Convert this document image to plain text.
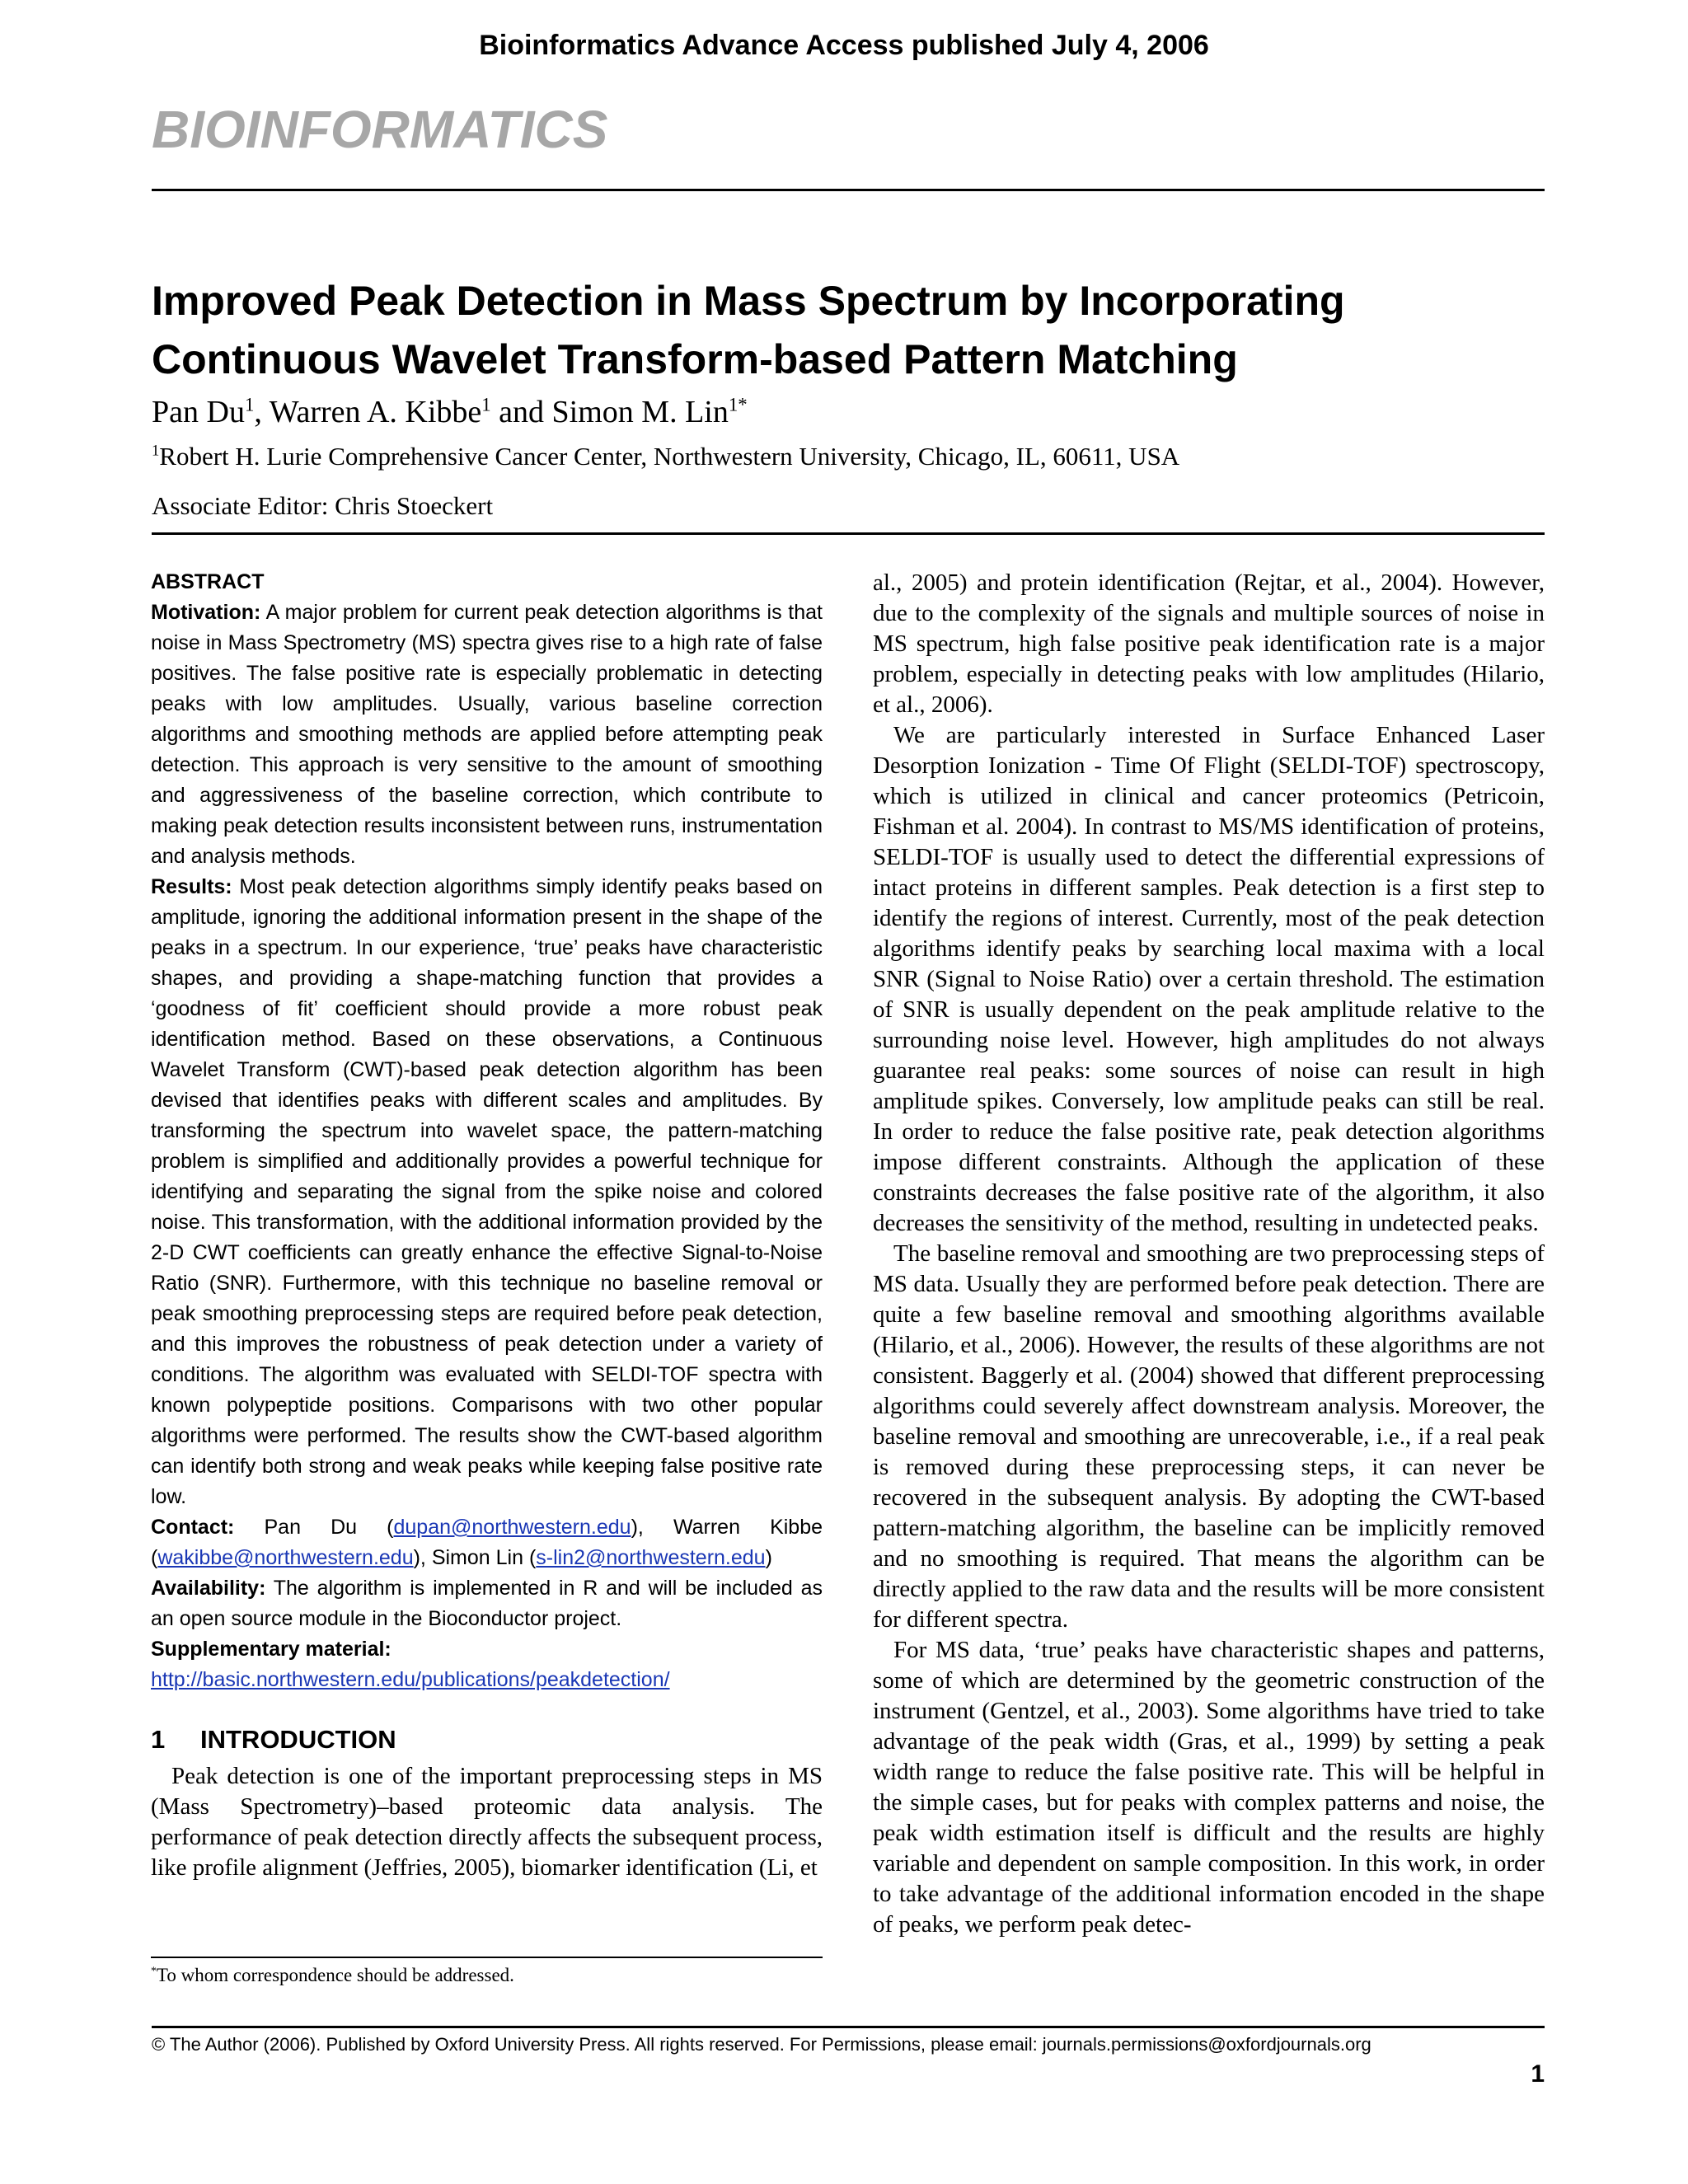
Bioinformatics Advance Access published July 4, 2006
BIOINFORMATICS
Improved Peak Detection in Mass Spectrum by Incorporating
Continuous Wavelet Transform-based Pattern Matching
Pan Du$^1$, Warren A. Kibbe$^1$ and Simon M. Lin$^{1*}$
$^1$Robert H. Lurie Comprehensive Cancer Center, Northwestern University, Chicago, IL, 60611, USA
Associate Editor: Chris Stoeckert

ABSTRACT

Motivation: A major problem for current peak detection algorithms is that noise in Mass Spectrometry (MS) spectra gives rise to a high rate of false positives. The false positive rate is especially problematic in detecting peaks with low amplitudes. Usually, various baseline correction algorithms and smoothing methods are applied before attempting peak detection. This approach is very sensitive to the amount of smoothing and aggressiveness of the baseline correction, which contribute to making peak detection results inconsistent between runs, instrumentation and analysis methods.

Results: Most peak detection algorithms simply identify peaks based on amplitude, ignoring the additional information present in the shape of the peaks in a spectrum. In our experience, ‘true’ peaks have characteristic shapes, and providing a shape-matching function that provides a ‘goodness of fit’ coefficient should provide a more robust peak identification method. Based on these observations, a Continuous Wavelet Transform (CWT)-based peak detection algorithm has been devised that identifies peaks with different scales and amplitudes. By transforming the spectrum into wavelet space, the pattern-matching problem is simplified and additionally provides a powerful technique for identifying and separating the signal from the spike noise and colored noise. This transformation, with the additional information provided by the 2-D CWT coefficients can greatly enhance the effective Signal-to-Noise Ratio (SNR). Furthermore, with this technique no baseline removal or peak smoothing preprocessing steps are required before peak detection, and this improves the robustness of peak detection under a variety of conditions. The algorithm was evaluated with SELDI-TOF spectra with known polypeptide positions. Comparisons with two other popular algorithms were performed. The results show the CWT-based algorithm can identify both strong and weak peaks while keeping false positive rate low.

Contact: Pan Du (dupan@northwestern.edu), Warren Kibbe (wakibbe@northwestern.edu), Simon Lin (s-lin2@northwestern.edu)

Availability: The algorithm is implemented in R and will be included as an open source module in the Bioconductor project.

Supplementary material:

http://basic.northwestern.edu/publications/peakdetection/

1 INTRODUCTION

Peak detection is one of the important preprocessing steps in MS (Mass Spectrometry)–based proteomic data analysis. The performance of peak detection directly affects the subsequent process, like profile alignment (Jeffries, 2005), biomarker identification (Li, et

*To whom correspondence should be addressed.

al., 2005) and protein identification (Rejtar, et al., 2004). However, due to the complexity of the signals and multiple sources of noise in MS spectrum, high false positive peak identification rate is a major problem, especially in detecting peaks with low amplitudes (Hilario, et al., 2006).

We are particularly interested in Surface Enhanced Laser Desorption Ionization - Time Of Flight (SELDI-TOF) spectroscopy, which is utilized in clinical and cancer proteomics (Petricoin, Fishman et al. 2004). In contrast to MS/MS identification of proteins, SELDI-TOF is usually used to detect the differential expressions of intact proteins in different samples. Peak detection is a first step to identify the regions of interest. Currently, most of the peak detection algorithms identify peaks by searching local maxima with a local SNR (Signal to Noise Ratio) over a certain threshold. The estimation of SNR is usually dependent on the peak amplitude relative to the surrounding noise level. However, high amplitudes do not always guarantee real peaks: some sources of noise can result in high amplitude spikes. Conversely, low amplitude peaks can still be real. In order to reduce the false positive rate, peak detection algorithms impose different constraints. Although the application of these constraints decreases the false positive rate of the algorithm, it also decreases the sensitivity of the method, resulting in undetected peaks.

The baseline removal and smoothing are two preprocessing steps of MS data. Usually they are performed before peak detection. There are quite a few baseline removal and smoothing algorithms available (Hilario, et al., 2006). However, the results of these algorithms are not consistent. Baggerly et al. (2004) showed that different preprocessing algorithms could severely affect downstream analysis. Moreover, the baseline removal and smoothing are unrecoverable, i.e., if a real peak is removed during these preprocessing steps, it can never be recovered in the subsequent analysis. By adopting the CWT-based pattern-matching algorithm, the baseline can be implicitly removed and no smoothing is required. That means the algorithm can be directly applied to the raw data and the results will be more consistent for different spectra.

For MS data, ‘true’ peaks have characteristic shapes and patterns, some of which are determined by the geometric construction of the instrument (Gentzel, et al., 2003). Some algorithms have tried to take advantage of the peak width (Gras, et al., 1999) by setting a peak width range to reduce the false positive rate. This will be helpful in the simple cases, but for peaks with complex patterns and noise, the peak width estimation itself is difficult and the results are highly variable and dependent on sample composition. In this work, in order to take advantage of the additional information encoded in the shape of peaks, we perform peak detec-

© The Author (2006). Published by Oxford University Press. All rights reserved. For Permissions, please email: journals.permissions@oxfordjournals.org
1
